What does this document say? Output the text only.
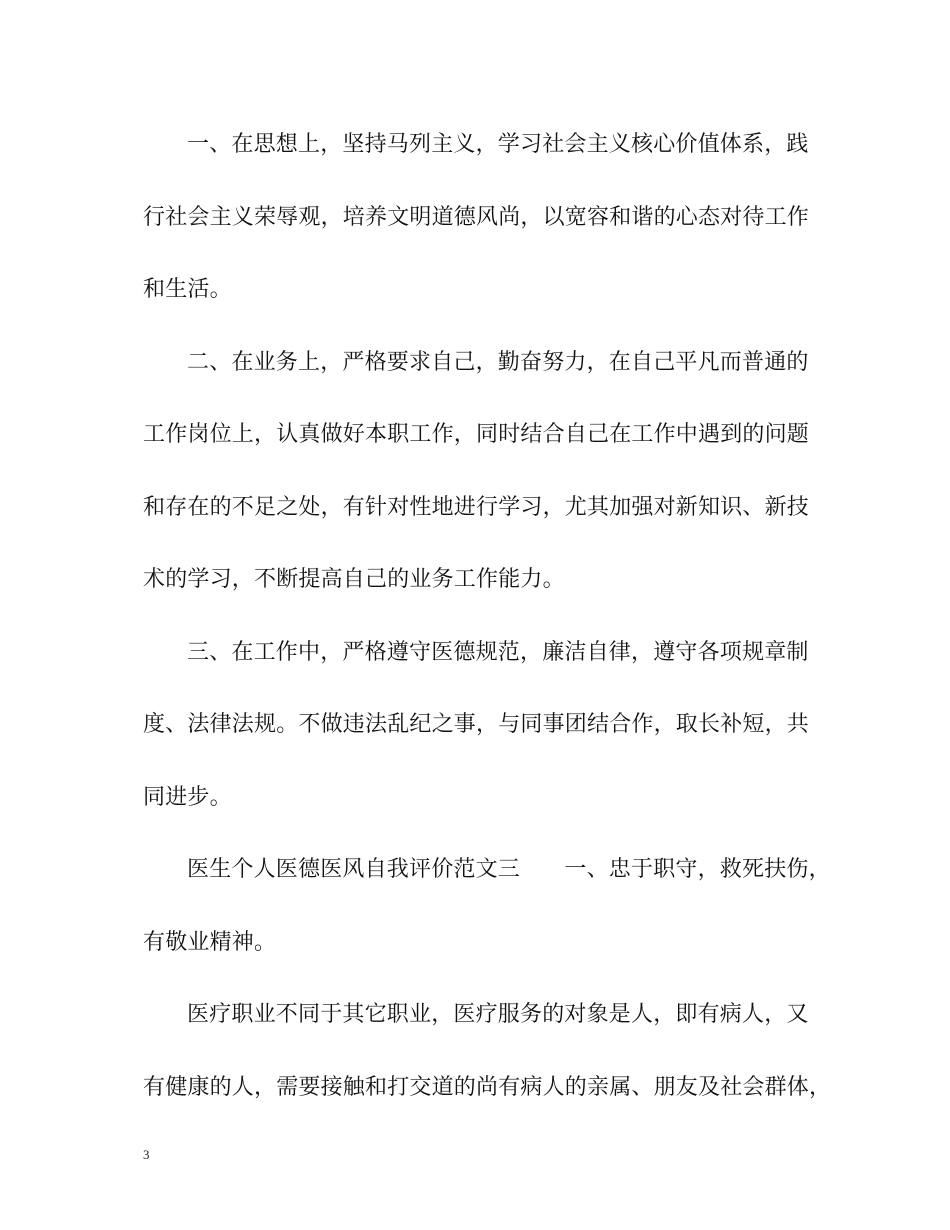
一、在思想上，坚持马列主义，学习社会主义核心价值体系，践
行社会主义荣辱观，培养文明道德风尚，以宽容和谐的心态对待工作
和生活。
二、在业务上，严格要求自己，勤奋努力，在自己平凡而普通的
工作岗位上，认真做好本职工作，同时结合自己在工作中遇到的问题
和存在的不足之处，有针对性地进行学习，尤其加强对新知识、新技
术的学习，不断提高自己的业务工作能力。
三、在工作中，严格遵守医德规范，廉洁自律，遵守各项规章制
度、法律法规。不做违法乱纪之事，与同事团结合作，取长补短，共
同进步。
医生个人医德医风自我评价范文三　　一、忠于职守，救死扶伤，
有敬业精神。
医疗职业不同于其它职业，医疗服务的对象是人，即有病人，又
有健康的人，需要接触和打交道的尚有病人的亲属、朋友及社会群体，
3
